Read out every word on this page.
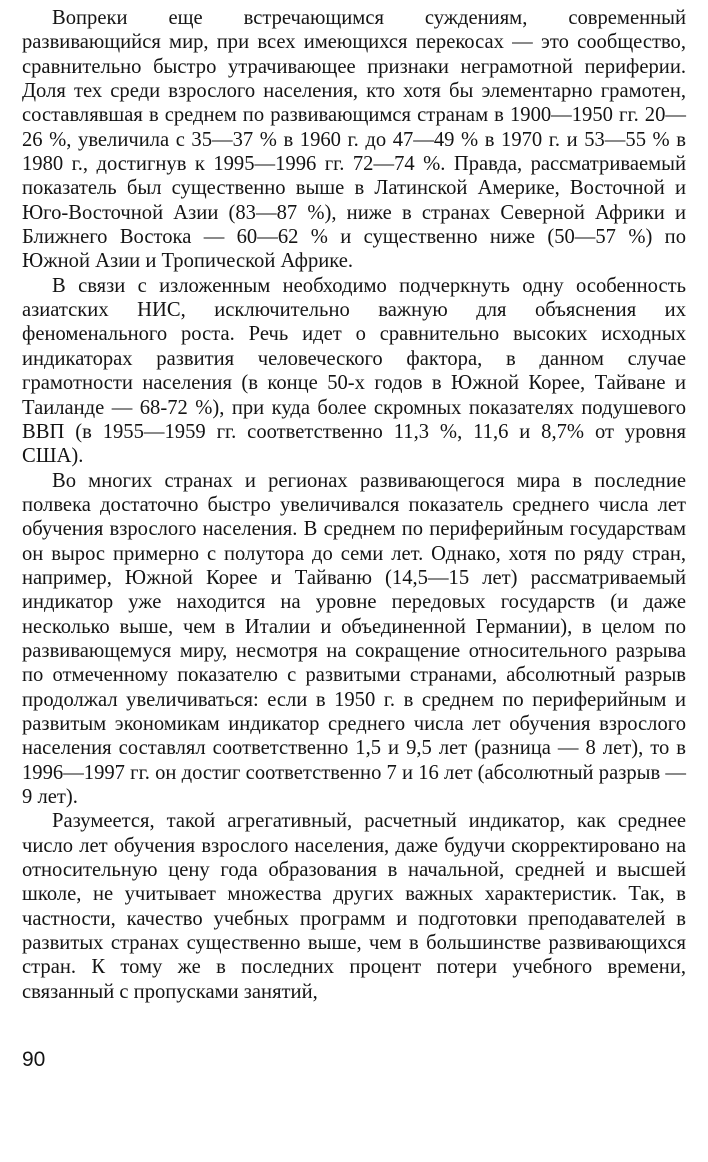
Вопреки еще встречающимся суждениям, современный развивающийся мир, при всех имеющихся перекосах — это сообщество, сравнительно быстро утрачивающее признаки неграмотной периферии. Доля тех среди взрослого населения, кто хотя бы элементарно грамотен, составлявшая в среднем по развивающимся странам в 1900—1950 гг. 20—26 %, увеличила с 35—37 % в 1960 г. до 47—49 % в 1970 г. и 53—55 % в 1980 г., достигнув к 1995—1996 гг. 72—74 %. Правда, рассматриваемый показатель был существенно выше в Латинской Америке, Восточной и Юго-Восточной Азии (83—87 %), ниже в странах Северной Африки и Ближнего Востока — 60—62 % и существенно ниже (50—57 %) по Южной Азии и Тропической Африке.

В связи с изложенным необходимо подчеркнуть одну особенность азиатских НИС, исключительно важную для объяснения их феноменального роста. Речь идет о сравнительно высоких исходных индикаторах развития человеческого фактора, в данном случае грамотности населения (в конце 50-х годов в Южной Корее, Тайване и Таиланде — 68-72 %), при куда более скромных показателях подушевого ВВП (в 1955—1959 гг. соответственно 11,3 %, 11,6 и 8,7% от уровня США).

Во многих странах и регионах развивающегося мира в последние полвека достаточно быстро увеличивался показатель среднего числа лет обучения взрослого населения. В среднем по периферийным государствам он вырос примерно с полутора до семи лет. Однако, хотя по ряду стран, например, Южной Корее и Тайваню (14,5—15 лет) рассматриваемый индикатор уже находится на уровне передовых государств (и даже несколько выше, чем в Италии и объединенной Германии), в целом по развивающемуся миру, несмотря на сокращение относительного разрыва по отмеченному показателю с развитыми странами, абсолютный разрыв продолжал увеличиваться: если в 1950 г. в среднем по периферийным и развитым экономикам индикатор среднего числа лет обучения взрослого населения составлял соответственно 1,5 и 9,5 лет (разница — 8 лет), то в 1996—1997 гг. он достиг соответственно 7 и 16 лет (абсолютный разрыв — 9 лет).

Разумеется, такой агрегативный, расчетный индикатор, как среднее число лет обучения взрослого населения, даже будучи скорректировано на относительную цену года образования в начальной, средней и высшей школе, не учитывает множества других важных характеристик. Так, в частности, качество учебных программ и подготовки преподавателей в развитых странах существенно выше, чем в большинстве развивающихся стран. К тому же в последних процент потери учебного времени, связанный с пропусками занятий,

90
